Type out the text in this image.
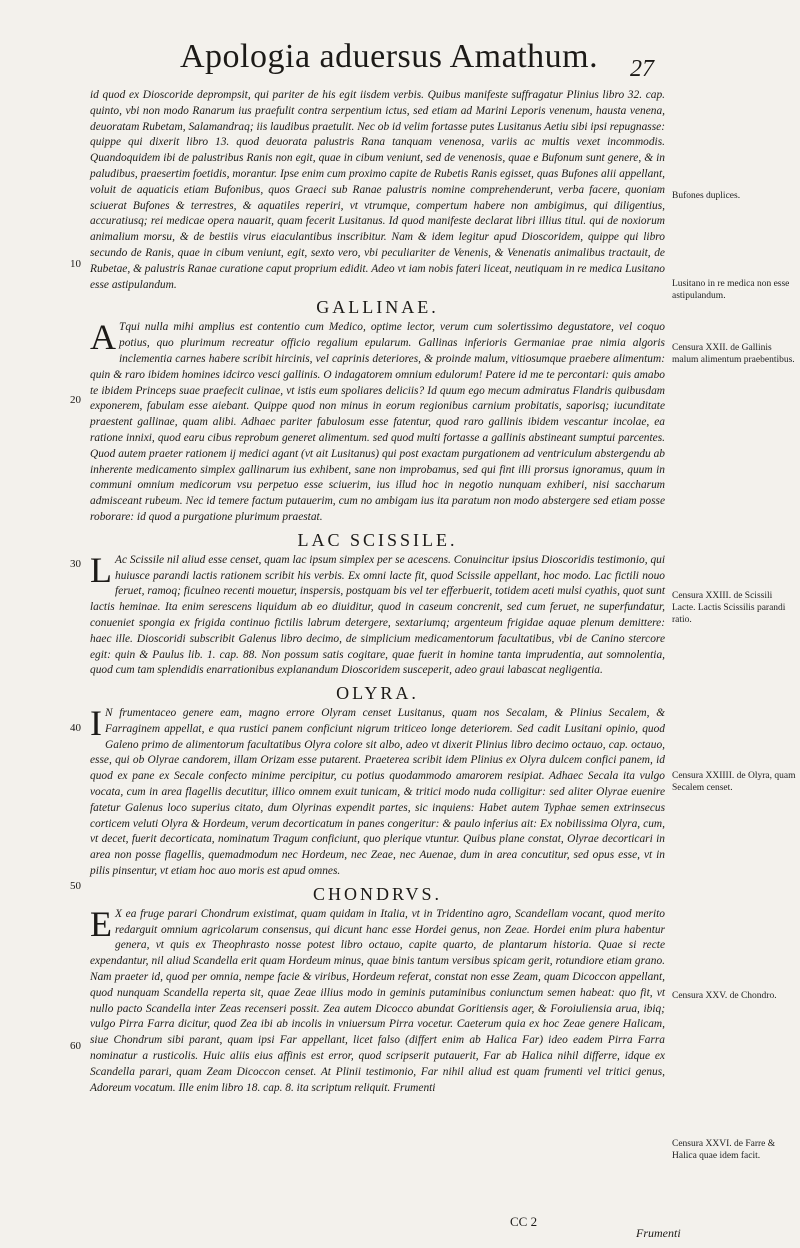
Apologia aduersus Amathum. 27

id quod ex Dioscoride deprompsit, qui pariter de his egit iisdem verbis. Quibus manifeste suffragatur Plinius libro 32. cap. quinto, vbi non modo Ranarum ius praefulit contra serpentium ictus, sed etiam ad Marini Leporis venenum, hausta venena, deuoratam Rubetam, Salamandraq; iis laudibus praetulit. Nec ob id velim fortasse putes Lusitanus Aetiu sibi ipsi repugnasse: quippe qui dixerit libro 13. quod deuorata palustris Rana tanquam venenosa, variis ac multis vexet incommodis. Quandoquidem ibi de palustribus Ranis non egit, quae in cibum veniunt, sed de venenosis, quae e Bufonum sunt genere, & in paludibus, praesertim foetidis, morantur. Ipse enim cum proximo capite de Rubetis Ranis egisset, quas Bufones alii appellant, voluit de aquaticis etiam Bufonibus, quos Graeci sub Ranae palustris nomine comprehenderunt, verba facere, quoniam sciuerat Bufones & terrestres, & aquatiles reperiri, vt vtrumque, compertum habere non ambigimus, qui diligentius, accuratiusq; rei medicae opera nauarit, quam fecerit Lusitanus. Id quod manifeste declarat libri illius titul. qui de noxiorum animalium morsu, & de bestiis virus eiaculantibus inscribitur. Nam & idem legitur apud Dioscoridem, quippe qui libro secundo de Ranis, quae in cibum veniunt, egit, sexto vero, vbi peculiariter de Venenis, & Venenatis animalibus tractauit, de Rubetae, & palustris Ranae curatione caput proprium edidit. Adeo vt iam nobis fateri liceat, neutiquam in re medica Lusitano esse astipulandum.

GALLINAE.

A Tqui nulla mihi amplius est contentio cum Medico, optime lector, verum cum solertissimo degustatore, vel coquo potius, quo plurimum recreatur officio regalium epularum. Gallinas inferioris Germaniae prae nimia algoris inclementia carnes habere scribit hircinis, vel caprinis deteriores, & proinde malum, vitiosumque praebere alimentum: quin & raro ibidem homines idcirco vesci gallinis. O indagatorem omnium edulorum! Patere id me te percontari: quis amabo te ibidem Princeps suae praefecit culinae, vt istis eum spoliares deliciis? Id quum ego mecum admiratus Flandris quibusdam exponerem, fabulam esse aiebant. Quippe quod non minus in eorum regionibus carnium probitatis, saporisq; iucunditate praestent gallinae, quam alibi. Adhaec pariter fabulosum esse fatentur, quod raro gallinis ibidem vescantur incolae, ea ratione innixi, quod earu cibus reprobum generet alimentum. sed quod multi fortasse a gallinis abstineant sumptui parcentes. Quod autem praeter rationem ij medici agant (vt ait Lusitanus) qui post exactam purgationem ad ventriculum abstergendu ab inherente medicamento simplex gallinarum ius exhibent, sane non improbamus, sed qui fint illi prorsus ignoramus, quum in communi omnium medicorum vsu perpetuo esse sciuerim, ius illud hoc in negotio nunquam exhiberi, nisi saccharum admisceant rubeum. Nec id temere factum putauerim, cum no ambigam ius ita paratum non modo abstergere sed etiam posse roborare: id quod a purgatione plurimum praestat.

LAC SCISSILE.

L Ac Scissile nil aliud esse censet, quam lac ipsum simplex per se acescens. Conuincitur ipsius Dioscoridis testimonio, qui huiusce parandi lactis rationem scribit his verbis. Ex omni lacte fit, quod Scissile appellant, hoc modo. Lac fictili nouo feruet, ramoq; ficulneo recenti mouetur, inspersis, postquam bis vel ter efferbuerit, totidem aceti mulsi cyathis, quot sunt lactis heminae. Ita enim serescens liquidum ab eo diuiditur, quod in caseum concrenit, sed cum feruet, ne superfundatur, conueniet spongia ex frigida continuo fictilis labrum detergere, sextariumq; argenteum frigidae aquae plenum demittere: haec ille. Dioscoridi subscribit Galenus libro decimo, de simplicium medicamentorum facultatibus, vbi de Canino stercore egit: quin & Paulus lib. 1. cap. 88. Non possum satis cogitare, quae fuerit in homine tanta imprudentia, aut somnolentia, quod cum tam splendidis enarrationibus explanandum Dioscoridem susceperit, adeo graui labascat negligentia.

OLYRA.

I N frumentaceo genere eam, magno errore Olyram censet Lusitanus, quam nos Secalam, & Plinius Secalem, & Farraginem appellat, e qua rustici panem conficiunt nigrum triticeo longe deteriorem. Sed cadit Lusitani opinio, quod Galeno primo de alimentorum facultatibus Olyra colore sit albo, adeo vt dixerit Plinius libro decimo octauo, cap. octauo, esse, qui ob Olyrae candorem, illam Orizam esse putarent. Praeterea scribit idem Plinius ex Olyra dulcem confici panem, id quod ex pane ex Secale confecto minime percipitur, cu potius quodammodo amarorem resipiat. Adhaec Secala ita vulgo vocata, cum in area flagellis decutitur, illico omnem exuit tunicam, & tritici modo nuda colligitur: sed aliter Olyrae euenire fatetur Galenus loco superius citato, dum Olyrinas expendit partes, sic inquiens: Habet autem Typhae semen extrinsecus corticem veluti Olyra & Hordeum, verum decorticatum in panes congeritur: & paulo inferius ait: Ex nobilissima Olyra, cum, vt decet, fuerit decorticata, nominatum Tragum conficiunt, quo plerique vtuntur. Quibus plane constat, Olyrae decorticari in area non posse flagellis, quemadmodum nec Hordeum, nec Zeae, nec Auenae, dum in area concutitur, sed opus esse, vt in pilis pinsentur, vt etiam hoc auo moris est apud omnes.

CHONDRVS.

E X ea fruge parari Chondrum existimat, quam quidam in Italia, vt in Tridentino agro, Scandellam vocant, quod merito redarguit omnium agricolarum consensus, qui dicunt hanc esse Hordei genus, non Zeae. Hordei enim plura habentur genera, vt quis ex Theophrasto nosse potest libro octauo, capite quarto, de plantarum historia. Quae si recte expendantur, nil aliud Scandella erit quam Hordeum minus, quae binis tantum versibus spicam gerit, rotundiore etiam grano. Nam praeter id, quod per omnia, nempe facie & viribus, Hordeum referat, constat non esse Zeam, quam Dicoccon appellant, quod nunquam Scandella reperta sit, quae Zeae illius modo in geminis putaminibus coniunctum semen habeat: quo fit, vt nullo pacto Scandella inter Zeas recenseri possit. Zea autem Dicocco abundat Goritiensis ager, & Foroiuliensia arua, ibiq; vulgo Pirra Farra dicitur, quod Zea ibi ab incolis in vniuersum Pirra vocetur. Caeterum quia ex hoc Zeae genere Halicam, siue Chondrum sibi parant, quam ipsi Far appellant, licet falso (differt enim ab Halica Far) ideo eadem Pirra Farra nominatur a rusticolis. Huic aliis eius affinis est error, quod scripserit putauerit, Far ab Halica nihil differre, idque ex Scandella parari, quam Zeam Dicoccon censet. At Plinii testimonio, Far nihil aliud est quam frumenti vel tritici genus, Adoreum vocatum. Ille enim libro 18. cap. 8. ita scriptum reliquit. Frumenti

Bufones duplices.
Lusitano in re medica non esse astipulandum.
Censura XXII. de Gallinis malum alimentum praebentibus.
Censura XXIII. de Scissili Lacte. Lactis Scissilis parandi ratio.
Censura XXIIII. de Olyra, quam Secalem censet.
Censura XXV. de Chondro.
Censura XXVI. de Farre & Halica quae idem facit.
10
20
30
40
50
60
CC 2
Frumenti
